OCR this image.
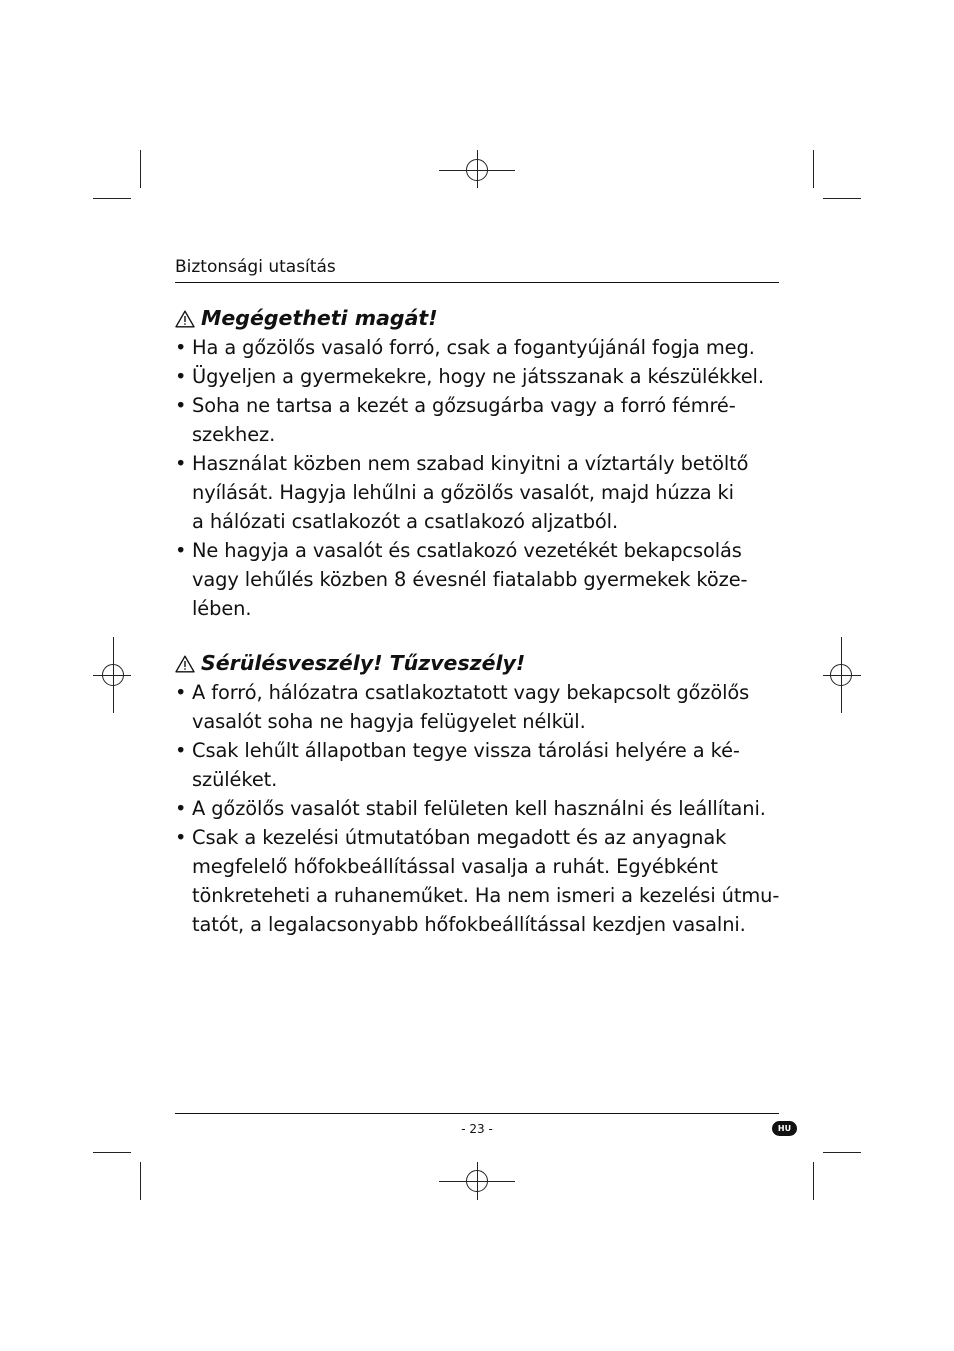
Biztonsági utasítás
Megégetheti magát!
• Ha a gőzölős vasaló forró, csak a fogantyújánál fogja meg.
• Ügyeljen a gyermekekre, hogy ne játsszanak a készülékkel.
• Soha ne tartsa a kezét a gőzsugárba vagy a forró fémré-
szekhez.
• Használat közben nem szabad kinyitni a víztartály betöltő
nyílását. Hagyja lehűlni a gőzölős vasalót, majd húzza ki
a hálózati csatlakozót a csatlakozó aljzatból.
• Ne hagyja a vasalót és csatlakozó vezetékét bekapcsolás
vagy lehűlés közben 8 évesnél fiatalabb gyermekek köze-
lében.
Sérülésveszély! Tűzveszély!
• A forró, hálózatra csatlakoztatott vagy bekapcsolt gőzölős
vasalót soha ne hagyja felügyelet nélkül.
• Csak lehűlt állapotban tegye vissza tárolási helyére a ké-
szüléket.
• A gőzölős vasalót stabil felületen kell használni és leállítani.
• Csak a kezelési útmutatóban megadott és az anyagnak
megfelelő hőfokbeállítással vasalja a ruhát. Egyébként
tönkreteheti a ruhaneműket. Ha nem ismeri a kezelési útmu-
tatót, a legalacsonyabb hőfokbeállítással kezdjen vasalni.
- 23 -	HU
